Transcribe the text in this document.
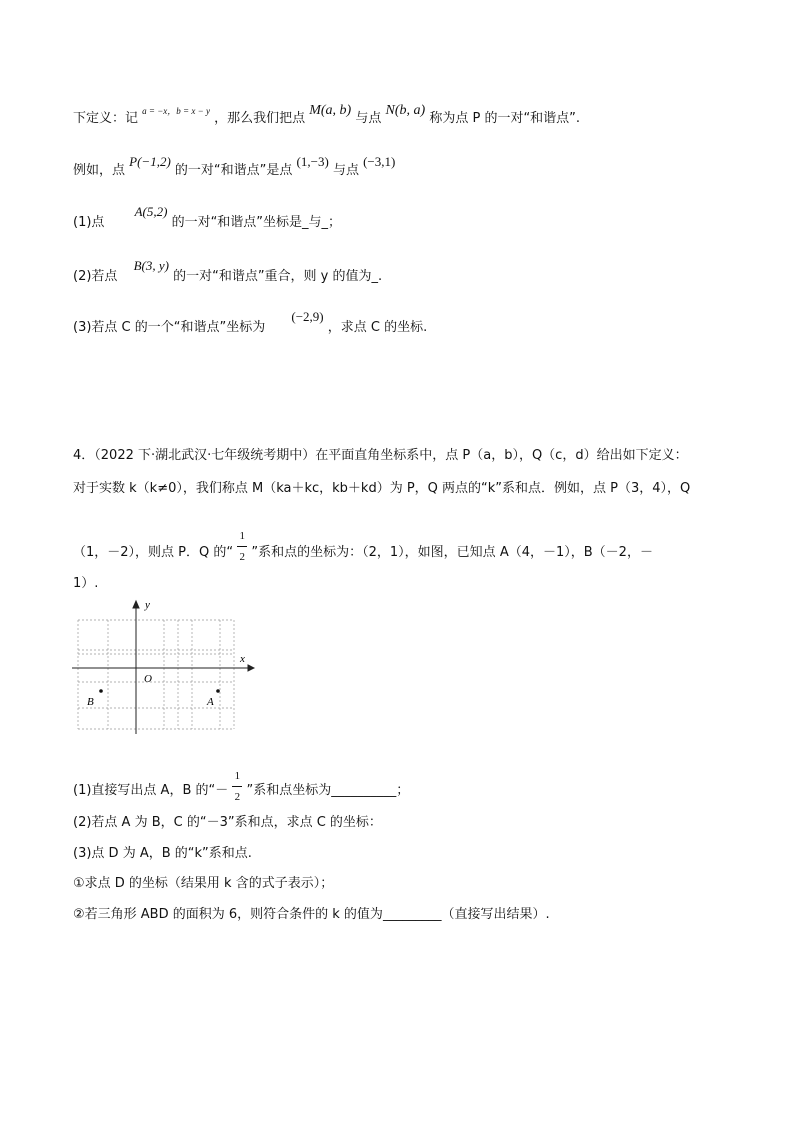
下定义：记 $^{a = -x,b = x - y}$ ，那么我们把点 M(a, b) 与点 N(b, a) 称为点 P 的一对“和谐点”.
例如，点 P(−1,2) 的一对“和谐点”是点 (1,−3) 与点 (−3,1)
(1)点 A(5,2) 的一对“和谐点”坐标是_与_；
(2)若点 B(3, y) 的一对“和谐点”重合，则 y 的值为_.
(3)若点 C 的一个“和谐点”坐标为 (−2,9) ，求点 C 的坐标.
4．（2022 下·湖北武汉·七年级统考期中）在平面直角坐标系中，点 P（a，b），Q（c，d）给出如下定义：
对于实数 k（k≠0），我们称点 M（ka＋kc，kb＋kd）为 P，Q 两点的“k”系和点．例如，点 P（3，4），Q
（1，－2），则点 P．Q 的“ $\frac{1}{2}$ ”系和点的坐标为：（2，1），如图，已知点 A（4，－1），B（－2，－
1）.
x
y
O
B	A
(1)直接写出点 A，B 的“－ $\frac{1}{2}$ ”系和点坐标为__________；
(2)若点 A 为 B，C 的“－3”系和点，求点 C 的坐标：
(3)点 D 为 A，B 的“k”系和点.
①求点 D 的坐标（结果用 k 含的式子表示）；
②若三角形 ABD 的面积为 6，则符合条件的 k 的值为_________（直接写出结果）.
